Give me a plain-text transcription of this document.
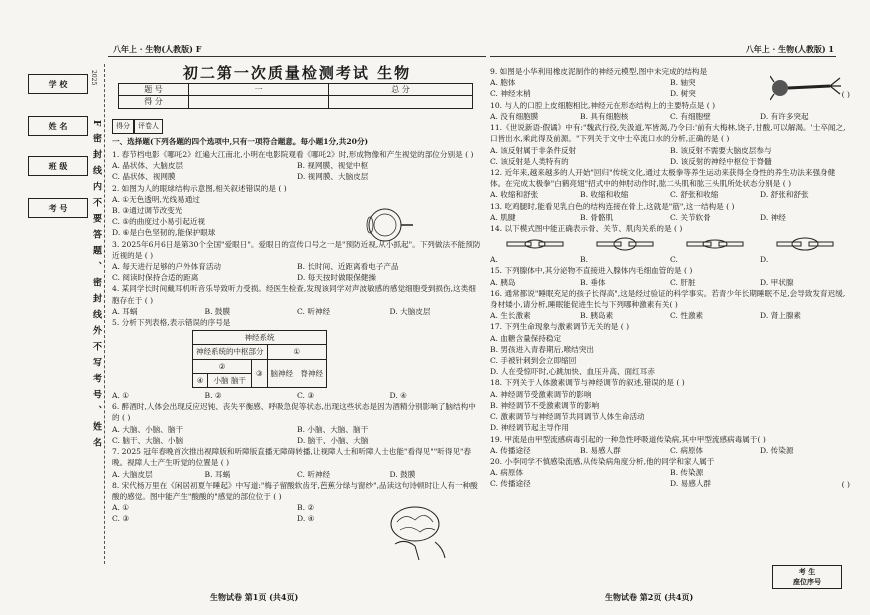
八年上 · 生物(人教版) F	八年上 · 生物(人教版) 1
学 校
姓 名
班 级
考 号
2025
F密封线内不要答题、密封线外不写考号、姓名
初二第一次质量检测考试 生物
题 号	一	总 分
得 分		
得分	评卷人
一、选择题(下列各题的四个选项中,只有一项符合题意。每小题1分,共20分)
1. 春节档电影《哪吒2》红遍大江南北,小明在电影院观看《哪吒2》时,形成物像和产生视觉的部位分别是 ( )
A. 晶状体、大脑皮层	B. 视网膜、视觉中枢
C. 晶状体、视网膜	D. 视网膜、大脑皮层
2. 如图为人的眼球结构示意图,相关叙述错误的是 ( )
A. ①无色透明,光线易通过
B. ③通过调节改变光
C. ⑤的曲度过小易引起近视
D. ⑥是白色坚韧的,能保护眼球
3. 2025年6月6日是第30个全国"爱眼日"。爱眼日的宣传口号之一是"预防近视,从小抓起"。下列做法不能预防近视的是 ( )
A. 每天进行足够的户外体育活动	B. 长时间、近距离看电子产品
C. 阅读时保持合适的距离	D. 每天按时做眼保健操
4. 某同学长时间戴耳机听音乐导致听力受损。经医生检查,发现该同学对声波敏感的感觉细胞受到损伤,这类细胞存在于 ( )
A. 耳蜗	B. 鼓膜	C. 听神经	D. 大脑皮层
5. 分析下列表格,表示错误的序号是
神经系统			
神经系统的中枢部分			①
②		③	脑神经　 脊神经
④	小脑 脑干		
A. ①	B. ②	C. ③	D. ④
6. 醉酒时,人体会出现反应迟钝、丧失平衡感、呼吸急促等状态,出现这些状态是因为酒精分别影响了脑结构中的 ( )
A. 大脑、小脑、脑干	B. 小脑、大脑、脑干
C. 脑干、大脑、小脑	D. 脑干、小脑、大脑
7. 2025 冠年春晚首次推出视障版和听障版直播无障碍转播,让视障人士和听障人士也能"看得见""听得见"春晚。视障人士产生听觉的位置是 ( )
A. 大脑皮层	B. 耳蜗	C. 听神经	D. 鼓膜
8. 宋代杨万里在《闲居初夏午睡起》中写道:"梅子留酸软齿牙,芭蕉分绿与窗纱",品读这句诗顿时让人有一种酸酸的感觉。图中能产生"酸酸的"感觉的部位位于 ( )
A. ①	B. ②
C. ③	D. ④
9. 如图是小华利用橡皮泥制作的神经元模型,图中未完成的结构是
A. 胞体	B. 轴突
C. 神经末梢	D. 树突	( )
10. 与人的口腔上皮细胞相比,神经元在形态结构上的主要特点是 ( )
A. 没有细胞膜	B. 具有细胞核	C. 有细胞壁	D. 有许多突起
11.《世说新语·假谲》中有:"魏武行役,失汲道,军皆渴,乃令曰:'前有大梅林,饶子,甘酸,可以解渴。'士卒闻之,口皆出水,乘此得及前源。"下列关于文中士卒流口水的分析,正确的是 ( )
A. 该反射属于非条件反射	B. 该反射不需要大脑皮层参与
C. 该反射是人类特有的	D. 该反射的神经中枢位于脊髓
12. 近年来,越来越多的人开始"回归"传统文化,通过太极拳等养生运动来获得全身性的养生功法来强身健体。在完成太极拳"白鹤亮翅"招式中的伸肘动作时,肱二头肌和肱三头肌所处状态分别是 ( )
A. 收缩和舒张	B. 收缩和收缩	C. 舒张和收缩	D. 舒张和舒张
13. 吃鸡腿时,能看见乳白色的结构连接在骨上,这就是"筋",这一结构是 ( )
A. 肌腱	B. 骨骼肌	C. 关节软骨	D. 神经
14. 以下模式图中能正确表示骨、关节、肌肉关系的是 ( )
A.	B.	C.	D.
15. 下列腺体中,其分泌物不直接进入腺体内毛细血管的是 ( )
A. 胰岛	B. 垂体	C. 肝脏	D. 甲状腺
16. 通常都说"睡眠充足的孩子长得高",这是经过验证的科学事实。若青少年长期睡眠不足,会导致发育迟缓,身材矮小,请分析,睡眠能促进生长与下列哪种激素有关( )
A. 生长激素	B. 胰岛素	C. 性激素	D. 肾上腺素
17. 下列生命现象与激素调节无关的是 ( )
A. 血糖含量保持稳定
B. 男孩进入青春期后,喉结突出
C. 手被针刺到会立即缩回
D. 人在受惊吓时,心跳加快、血压升高、面红耳赤
18. 下列关于人体激素调节与神经调节的叙述,错误的是 ( )
A. 神经调节受激素调节的影响
B. 神经调节不受激素调节的影响
C. 激素调节与神经调节共同调节人体生命活动
D. 神经调节起主导作用
19. 甲流是由甲型流感病毒引起的一种急性呼吸道传染病,其中甲型流感病毒属于( )
A. 传播途径	B. 易感人群	C. 病原体	D. 传染源
20. 小李同学不慎感染流感,从传染病角度分析,他的同学和家人属于
A. 病原体	B. 传染源
C. 传播途径	D. 易感人群	( )
生物试卷 第1页 (共4页)	生物试卷 第2页 (共4页)
考 生
座位序号
